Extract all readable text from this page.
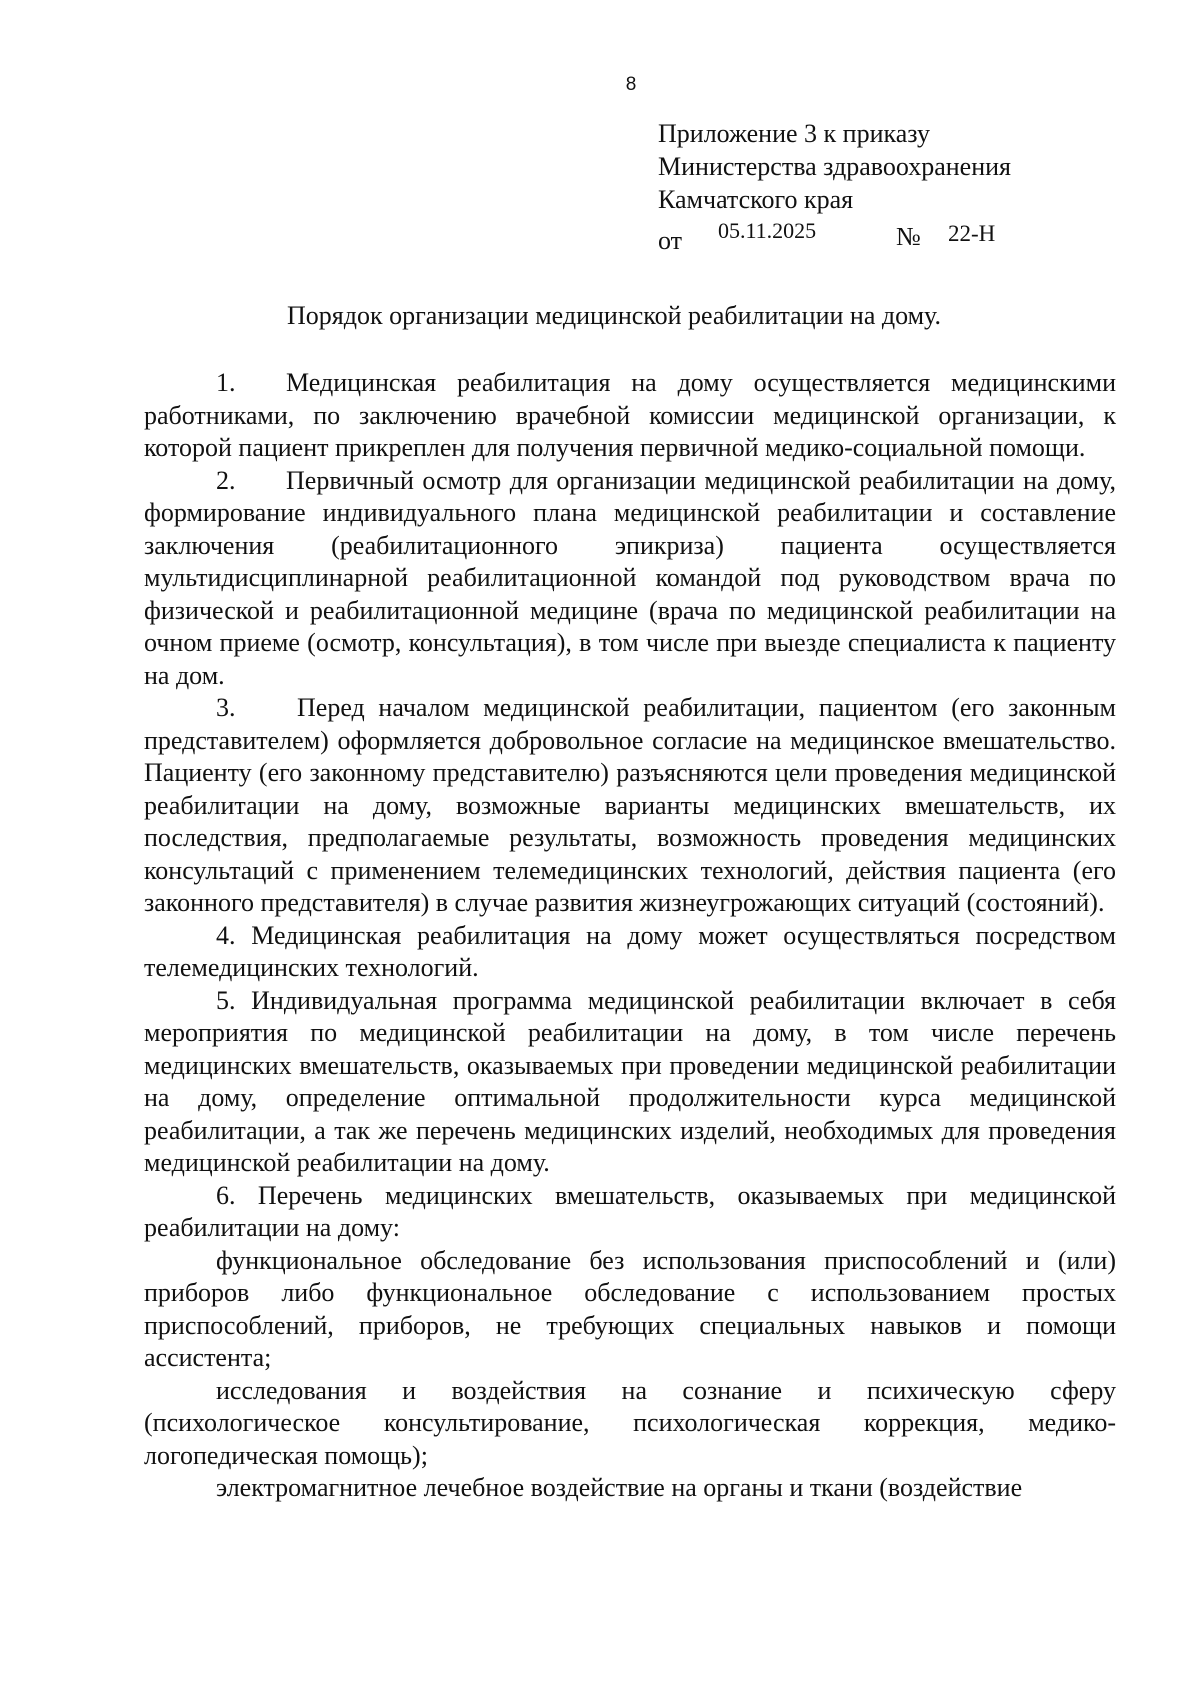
8
Приложение 3 к приказу
Министерства здравоохранения
Камчатского края
от 05.11.2025	№ 22-Н
Порядок организации медицинской реабилитации на дому.

1. Медицинская реабилитация на дому осуществляется медицинскими работниками, по заключению врачебной комиссии медицинской организации, к которой пациент прикреплен для получения первичной медико-социальной помощи.

2. Первичный осмотр для организации медицинской реабилитации на дому, формирование индивидуального плана медицинской реабилитации и составление заключения (реабилитационного эпикриза) пациента осуществляется мультидисциплинарной реабилитационной командой под руководством врача по физической и реабилитационной медицине (врача по медицинской реабилитации на очном приеме (осмотр, консультация), в том числе при выезде специалиста к пациенту на дом.

3. Перед началом медицинской реабилитации, пациентом (его законным представителем) оформляется добровольное согласие на медицинское вмешательство. Пациенту (его законному представителю) разъясняются цели проведения медицинской реабилитации на дому, возможные варианты медицинских вмешательств, их последствия, предполагаемые результаты, возможность проведения медицинских консультаций с применением телемедицинских технологий, действия пациента (его законного представителя) в случае развития жизнеугрожающих ситуаций (состояний).

4. Медицинская реабилитация на дому может осуществляться посредством телемедицинских технологий.

5. Индивидуальная программа медицинской реабилитации включает в себя мероприятия по медицинской реабилитации на дому, в том числе перечень медицинских вмешательств, оказываемых при проведении медицинской реабилитации на дому, определение оптимальной продолжительности курса медицинской реабилитации, а так же перечень медицинских изделий, необходимых для проведения медицинской реабилитации на дому.

6. Перечень медицинских вмешательств, оказываемых при медицинской реабилитации на дому:

функциональное обследование без использования приспособлений и (или) приборов либо функциональное обследование с использованием простых приспособлений, приборов, не требующих специальных навыков и помощи ассистента;

исследования и воздействия на сознание и психическую сферу (психологическое консультирование, психологическая коррекция, медико-логопедическая помощь);

электромагнитное лечебное воздействие на органы и ткани (воздействие
